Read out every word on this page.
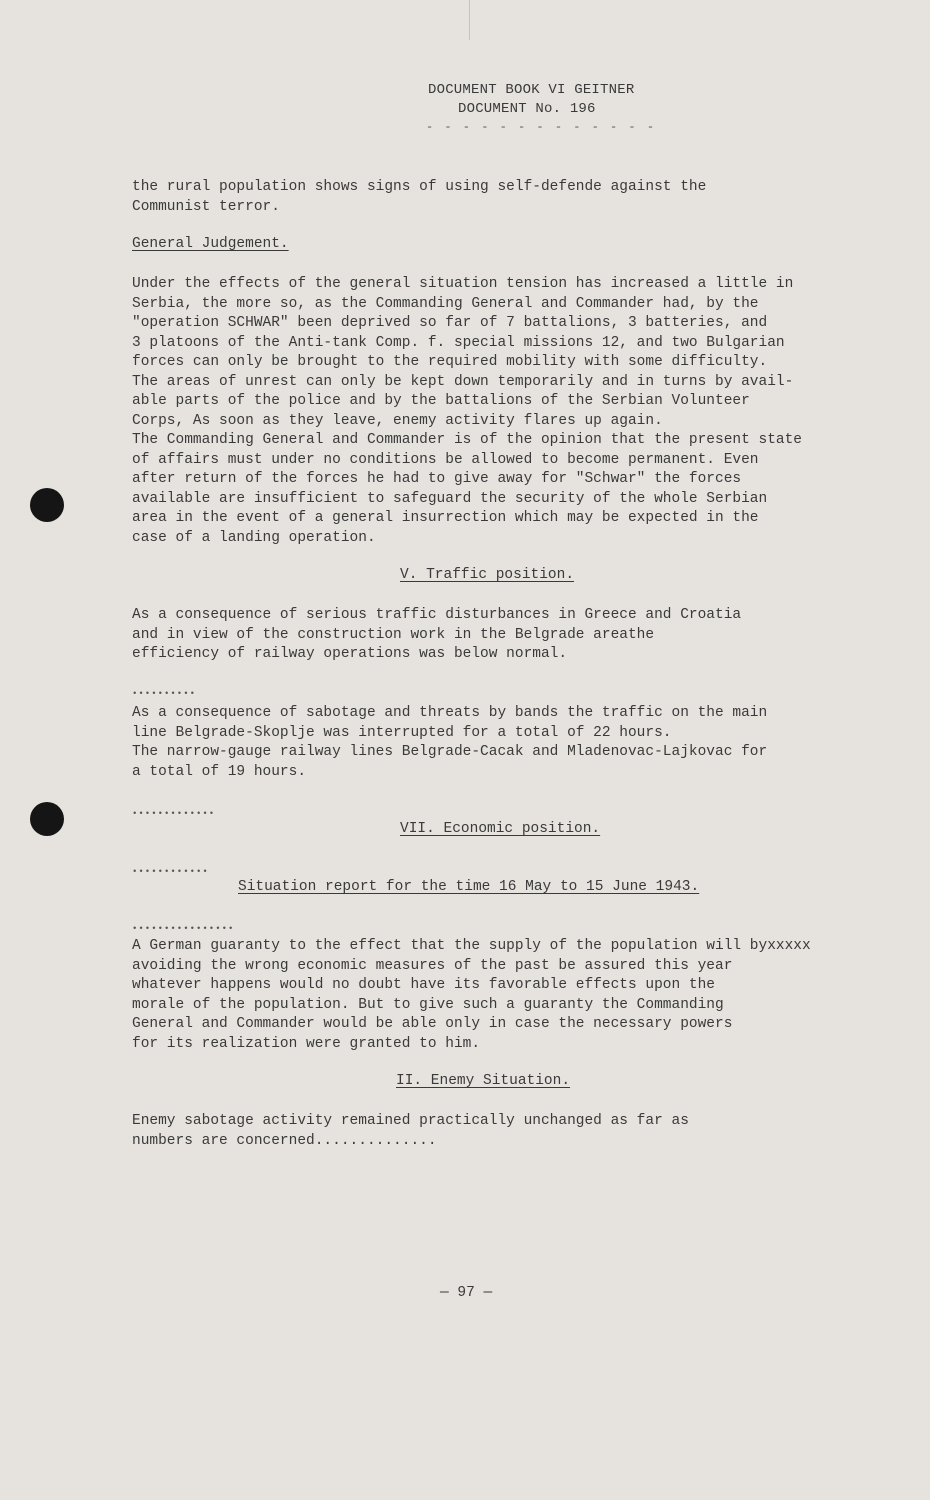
DOCUMENT BOOK VI GEITNER
DOCUMENT No. 196
- - - - - - - - - - - - -

the rural population shows signs of using self-defende against the

Communist terror.

General Judgement.

Under the effects of the general situation tension has increased a little in

Serbia, the more so, as the Commanding General and Commander had, by the

"operation SCHWAR" been deprived so far of 7 battalions, 3 batteries, and

3 platoons of the Anti-tank Comp. f. special missions 12, and two Bulgarian

forces can only be brought to the required mobility with some difficulty.

The areas of unrest can only be kept down temporarily and in turns by avail-

able parts of the police and by the battalions of the Serbian Volunteer

Corps, As soon as they leave, enemy activity flares up again.

The Commanding General and Commander is of the opinion that the present state

of affairs must under no conditions be allowed to become permanent. Even

after return of the forces he had to give away for "Schwar" the forces

available are insufficient to safeguard the security of the whole Serbian

area in the event of a general insurrection which may be expected in the

case of a landing operation.

V. Traffic position.

As a consequence of serious traffic disturbances in Greece and Croatia

and in view of the construction work in the Belgrade areathe

efficiency of railway operations was below normal.

••••••••••

As a consequence of sabotage and threats by bands the traffic on the main

line Belgrade-Skoplje was interrupted for a total of 22 hours.

The narrow-gauge railway lines Belgrade-Cacak and Mladenovac-Lajkovac for

a total of 19 hours.

•••••••••••••
VII. Economic position.
••••••••••••
Situation report for the time 16 May to 15 June 1943.
••••••••••••••••

A German guaranty to the effect that the supply of the population will byxxxxx

avoiding the wrong economic measures of the past be assured this year

whatever happens would no doubt have its favorable effects upon the

morale of the population. But to give such a guaranty the Commanding

General and Commander would be able only in case the necessary powers

for its realization were granted to him.

II. Enemy Situation.

Enemy sabotage activity remained practically unchanged as far as

numbers are concerned..............

— 97 —
